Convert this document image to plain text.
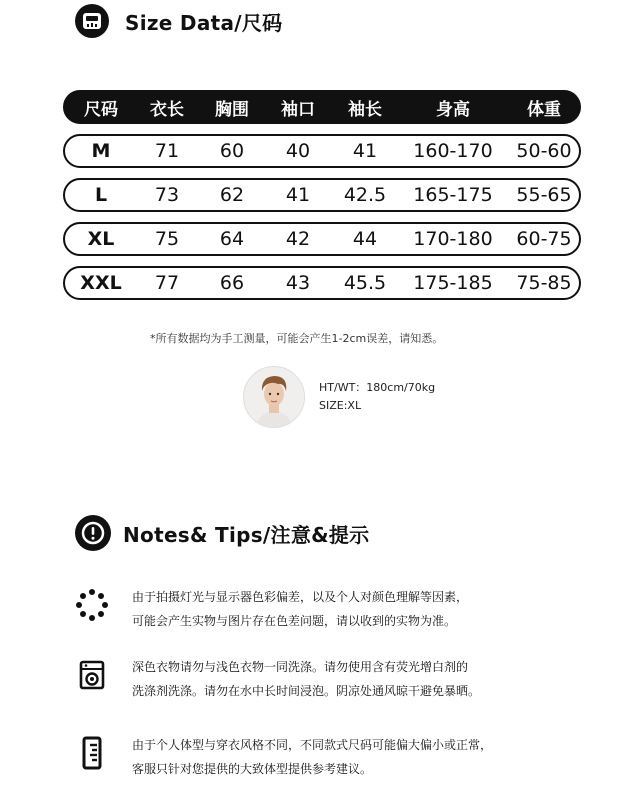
Size Data/尺码
尺码	衣长	胸围	袖口	袖长	身高	体重
M	71	60	40	41	160-170	50-60
L	73	62	41	42.5	165-175	55-65
XL	75	64	42	44	170-180	60-75
XXL	77	66	43	45.5	175-185	75-85
*所有数据均为手工测量，可能会产生1-2cm误差，请知悉。
HT/WT：180cm/70kg
SIZE:XL
Notes& Tips/注意&提示
由于拍摄灯光与显示器色彩偏差，以及个人对颜色理解等因素，
可能会产生实物与图片存在色差问题，请以收到的实物为准。
深色衣物请勿与浅色衣物一同洗涤。请勿使用含有荧光增白剂的
洗涤剂洗涤。请勿在水中长时间浸泡。阴凉处通风晾干避免暴晒。
由于个人体型与穿衣风格不同，不同款式尺码可能偏大偏小或正常，
客服只针对您提供的大致体型提供参考建议。
